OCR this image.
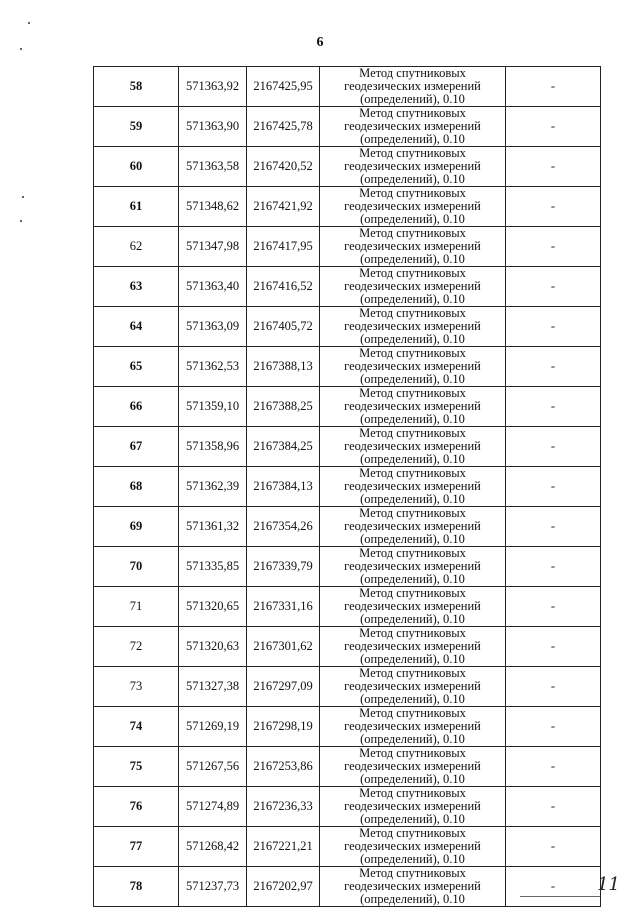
6
58	571363,92	2167425,95	Метод спутниковых геодезических измерений (определений), 0.10	-
59	571363,90	2167425,78	Метод спутниковых геодезических измерений (определений), 0.10	-
60	571363,58	2167420,52	Метод спутниковых геодезических измерений (определений), 0.10	-
61	571348,62	2167421,92	Метод спутниковых геодезических измерений (определений), 0.10	-
62	571347,98	2167417,95	Метод спутниковых геодезических измерений (определений), 0.10	-
63	571363,40	2167416,52	Метод спутниковых геодезических измерений (определений), 0.10	-
64	571363,09	2167405,72	Метод спутниковых геодезических измерений (определений), 0.10	-
65	571362,53	2167388,13	Метод спутниковых геодезических измерений (определений), 0.10	-
66	571359,10	2167388,25	Метод спутниковых геодезических измерений (определений), 0.10	-
67	571358,96	2167384,25	Метод спутниковых геодезических измерений (определений), 0.10	-
68	571362,39	2167384,13	Метод спутниковых геодезических измерений (определений), 0.10	-
69	571361,32	2167354,26	Метод спутниковых геодезических измерений (определений), 0.10	-
70	571335,85	2167339,79	Метод спутниковых геодезических измерений (определений), 0.10	-
71	571320,65	2167331,16	Метод спутниковых геодезических измерений (определений), 0.10	-
72	571320,63	2167301,62	Метод спутниковых геодезических измерений (определений), 0.10	-
73	571327,38	2167297,09	Метод спутниковых геодезических измерений (определений), 0.10	-
74	571269,19	2167298,19	Метод спутниковых геодезических измерений (определений), 0.10	-
75	571267,56	2167253,86	Метод спутниковых геодезических измерений (определений), 0.10	-
76	571274,89	2167236,33	Метод спутниковых геодезических измерений (определений), 0.10	-
77	571268,42	2167221,21	Метод спутниковых геодезических измерений (определений), 0.10	-
78	571237,73	2167202,97	Метод спутниковых геодезических измерений (определений), 0.10	- 11
